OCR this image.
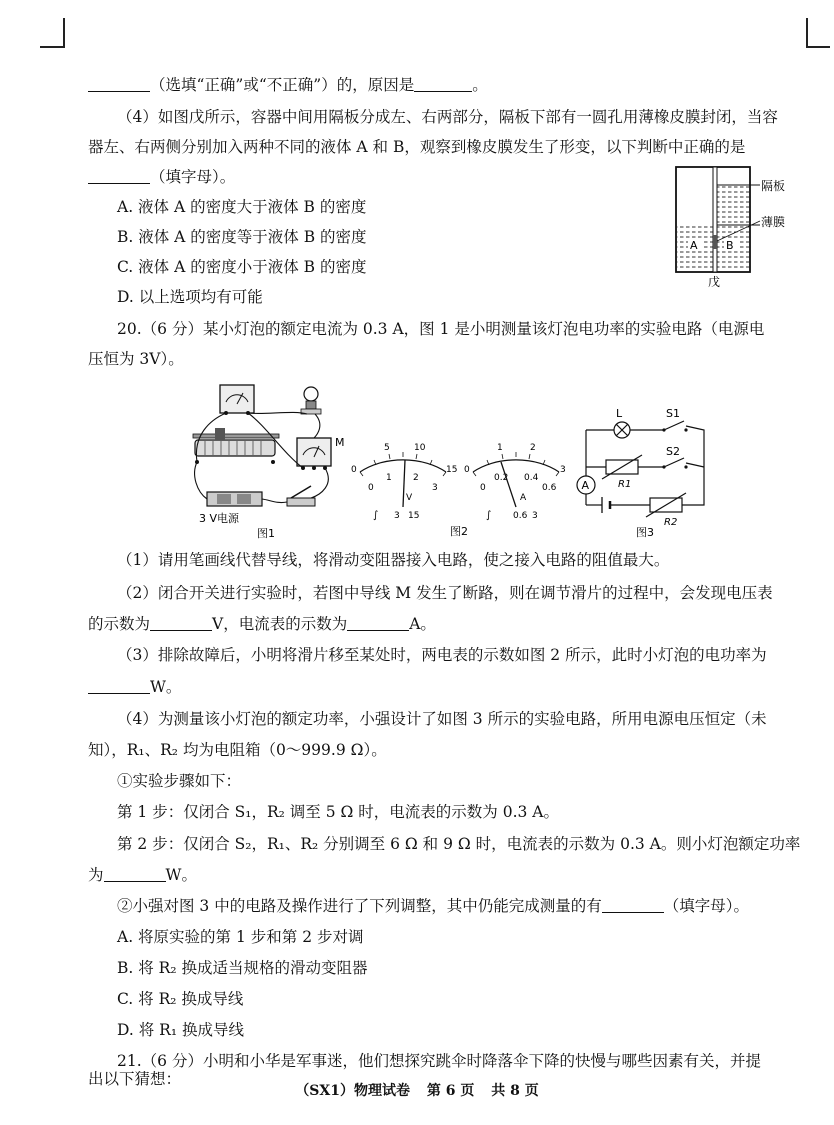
（选填“正确”或“不正确”）的，原因是	。
（4）如图戊所示，容器中间用隔板分成左、右两部分，隔板下部有一圆孔用薄橡皮膜封闭，当容
器左、右两侧分别加入两种不同的液体 A 和 B，观察到橡皮膜发生了形变，以下判断中正确的是
（填字母）。
A. 液体 A 的密度大于液体 B 的密度
B. 液体 A 的密度等于液体 B 的密度
C. 液体 A 的密度小于液体 B 的密度
D. 以上选项均有可能
隔板
薄膜
A	B
戊
20.（6 分）某小灯泡的额定电流为 0.3 A，图 1 是小明测量该灯泡电功率的实验电路（电源电
压恒为 3V）。
M
3 V电源
图1
0
5	10
15
0
1 2
3
V
∫ 3 15
0
1	2
3
0
0.2 0.4
0.6
A
∫ 0.6 3
图2
A
L	S1
S2
R1
R2
图3
（1）请用笔画线代替导线，将滑动变阻器接入电路，使之接入电路的阻值最大。
（2）闭合开关进行实验时，若图中导线 M 发生了断路，则在调节滑片的过程中，会发现电压表
的示数为	V，电流表的示数为	A。
（3）排除故障后，小明将滑片移至某处时，两电表的示数如图 2 所示，此时小灯泡的电功率为
W。
（4）为测量该小灯泡的额定功率，小强设计了如图 3 所示的实验电路，所用电源电压恒定（未
知），R₁、R₂ 均为电阻箱（0～999.9 Ω）。
①实验步骤如下：
第 1 步：仅闭合 S₁，R₂ 调至 5 Ω 时，电流表的示数为 0.3 A。
第 2 步：仅闭合 S₂，R₁、R₂ 分别调至 6 Ω 和 9 Ω 时，电流表的示数为 0.3 A。则小灯泡额定功率
为	W。
②小强对图 3 中的电路及操作进行了下列调整，其中仍能完成测量的有	（填字母）。
A. 将原实验的第 1 步和第 2 步对调
B. 将 R₂ 换成适当规格的滑动变阻器
C. 将 R₂ 换成导线
D. 将 R₁ 换成导线
21.（6 分）小明和小华是军事迷，他们想探究跳伞时降落伞下降的快慢与哪些因素有关，并提
出以下猜想：
（SX1）物理试卷 第 6 页 共 8 页
